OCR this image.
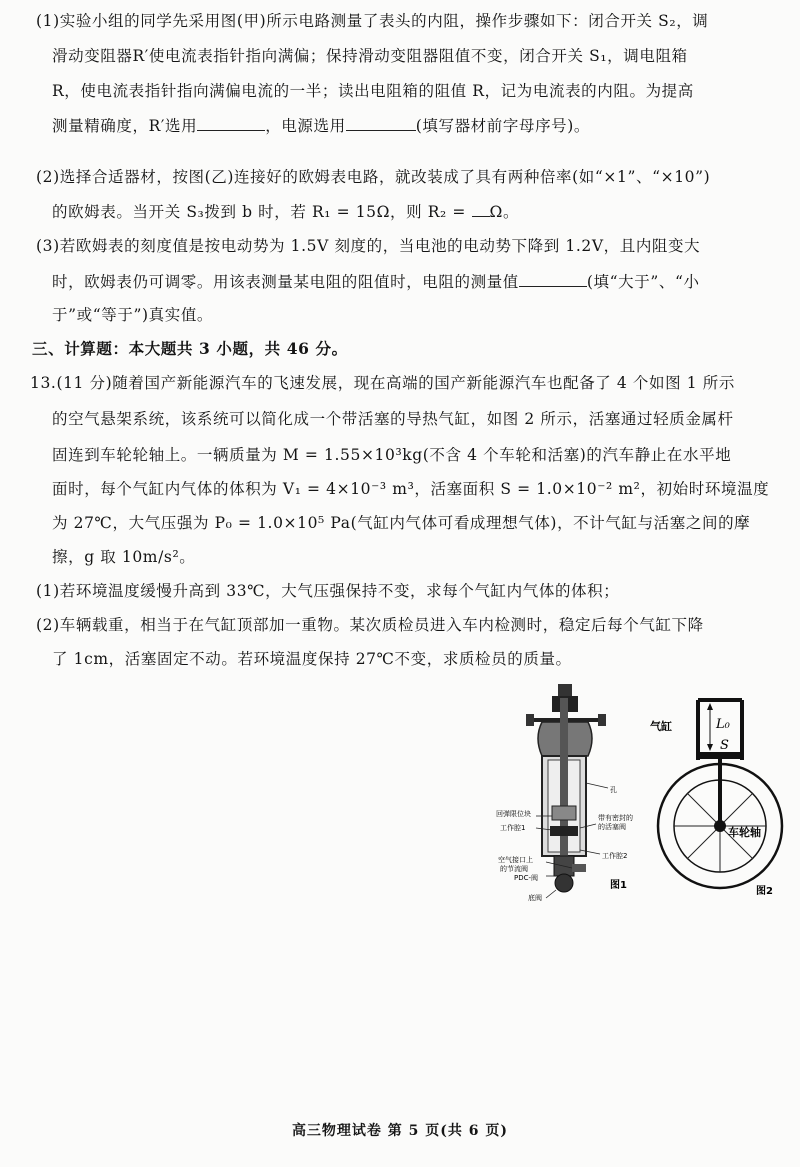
(1)实验小组的同学先采用图(甲)所示电路测量了表头的内阻，操作步骤如下：闭合开关 S₂，调
滑动变阻器R′使电流表指针指向满偏；保持滑动变阻器阻值不变，闭合开关 S₁，调电阻箱
R，使电流表指针指向满偏电流的一半；读出电阻箱的阻值 R，记为电流表的内阻。为提高
测量精确度，R′选用	，电源选用	(填写器材前字母序号)。
(2)选择合适器材，按图(乙)连接好的欧姆表电路，就改装成了具有两种倍率(如“×1”、“×10”)
的欧姆表。当开关 S₃拨到 b 时，若 R₁ = 15Ω，则 R₂ = Ω。
(3)若欧姆表的刻度值是按电动势为 1.5V 刻度的，当电池的电动势下降到 1.2V，且内阻变大
时，欧姆表仍可调零。用该表测量某电阻的阻值时，电阻的测量值	(填“大于”、“小
于”或“等于”)真实值。
三、计算题：本大题共 3 小题，共 46 分。
13.(11 分)随着国产新能源汽车的飞速发展，现在高端的国产新能源汽车也配备了 4 个如图 1 所示
的空气悬架系统，该系统可以简化成一个带活塞的导热气缸，如图 2 所示，活塞通过轻质金属杆
固连到车轮轮轴上。一辆质量为 M = 1.55×10³kg(不含 4 个车轮和活塞)的汽车静止在水平地
面时，每个气缸内气体的体积为 V₁ = 4×10⁻³ m³，活塞面积 S = 1.0×10⁻² m²，初始时环境温度
为 27℃，大气压强为 P₀ = 1.0×10⁵ Pa(气缸内气体可看成理想气体)，不计气缸与活塞之间的摩
擦，g 取 10m/s²。
(1)若环境温度缓慢升高到 33℃，大气压强保持不变，求每个气缸内气体的体积；
(2)车辆载重，相当于在气缸顶部加一重物。某次质检员进入车内检测时，稳定后每个气缸下降
了 1cm，活塞固定不动。若环境温度保持 27℃不变，求质检员的质量。
孔
回弹限位块
工作腔1
带有密封的
的活塞阀
工作腔2
空气接口上
的节流阀
PDC-阀
底阀
图1
气缸	L₀
S
车轮轴
图2
高三物理试卷 第 5 页(共 6 页)
